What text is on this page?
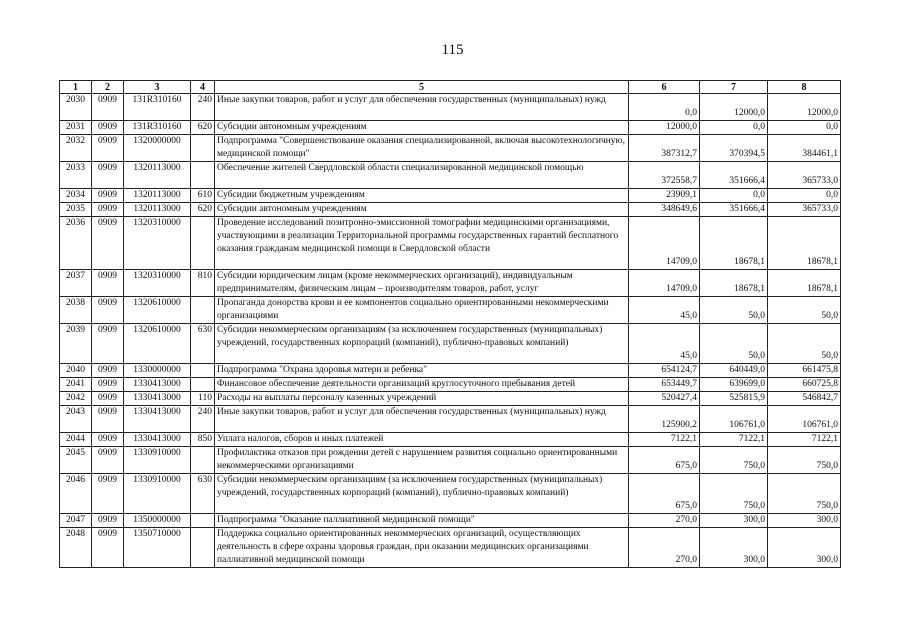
115
1	2	3	4	5	6	7	8
2030	0909	131R310160	240	Иные закупки товаров, работ и услуг для обеспечения государственных (муниципальных) нужд	0,0	12000,0	12000,0
2031	0909	131R310160	620	Субсидии автономным учреждениям	12000,0	0,0	0,0
2032	0909	1320000000		Подпрограмма "Совершенствование оказания специализированной, включая высокотехнологичную, медицинской помощи"	387312,7	370394,5	384461,1
2033	0909	1320113000		Обеспечение жителей Свердловской области специализированной медицинской помощью	372558,7	351666,4	365733,0
2034	0909	1320113000	610	Субсидии бюджетным учреждениям	23909,1	0,0	0,0
2035	0909	1320113000	620	Субсидии автономным учреждениям	348649,6	351666,4	365733,0
2036	0909	1320310000		Проведение исследований позитронно-эмиссионной томографии медицинскими организациями, участвующими в реализации Территориальной программы государственных гарантий бесплатного оказания гражданам медицинской помощи в Свердловской области	14709,0	18678,1	18678,1
2037	0909	1320310000	810	Субсидии юридическим лицам (кроме некоммерческих организаций), индивидуальным предпринимателям, физическим лицам – производителям товаров, работ, услуг	14709,0	18678,1	18678,1
2038	0909	1320610000		Пропаганда донорства крови и ее компонентов социально ориентированными некоммерческими организациями	45,0	50,0	50,0
2039	0909	1320610000	630	Субсидии некоммерческим организациям (за исключением государственных (муниципальных) учреждений, государственных корпораций (компаний), публично-правовых компаний)	45,0	50,0	50,0
2040	0909	1330000000		Подпрограмма "Охрана здоровья матери и ребенка"	654124,7	640449,0	661475,8
2041	0909	1330413000		Финансовое обеспечение деятельности организаций круглосуточного пребывания детей	653449,7	639699,0	660725,8
2042	0909	1330413000	110	Расходы на выплаты персоналу казенных учреждений	520427,4	525815,9	546842,7
2043	0909	1330413000	240	Иные закупки товаров, работ и услуг для обеспечения государственных (муниципальных) нужд	125900,2	106761,0	106761,0
2044	0909	1330413000	850	Уплата налогов, сборов и иных платежей	7122,1	7122,1	7122,1
2045	0909	1330910000		Профилактика отказов при рождении детей с нарушением развития социально ориентированными некоммерческими организациями	675,0	750,0	750,0
2046	0909	1330910000	630	Субсидии некоммерческим организациям (за исключением государственных (муниципальных) учреждений, государственных корпораций (компаний), публично-правовых компаний)	675,0	750,0	750,0
2047	0909	1350000000		Подпрограмма "Оказание паллиативной медицинской помощи"	270,0	300,0	300,0
2048	0909	1350710000		Поддержка социально ориентированных некоммерческих организаций, осуществляющих деятельность в сфере охраны здоровья граждан, при оказании медицинских организациями паллиативной медицинской помощи	270,0	300,0	300,0
